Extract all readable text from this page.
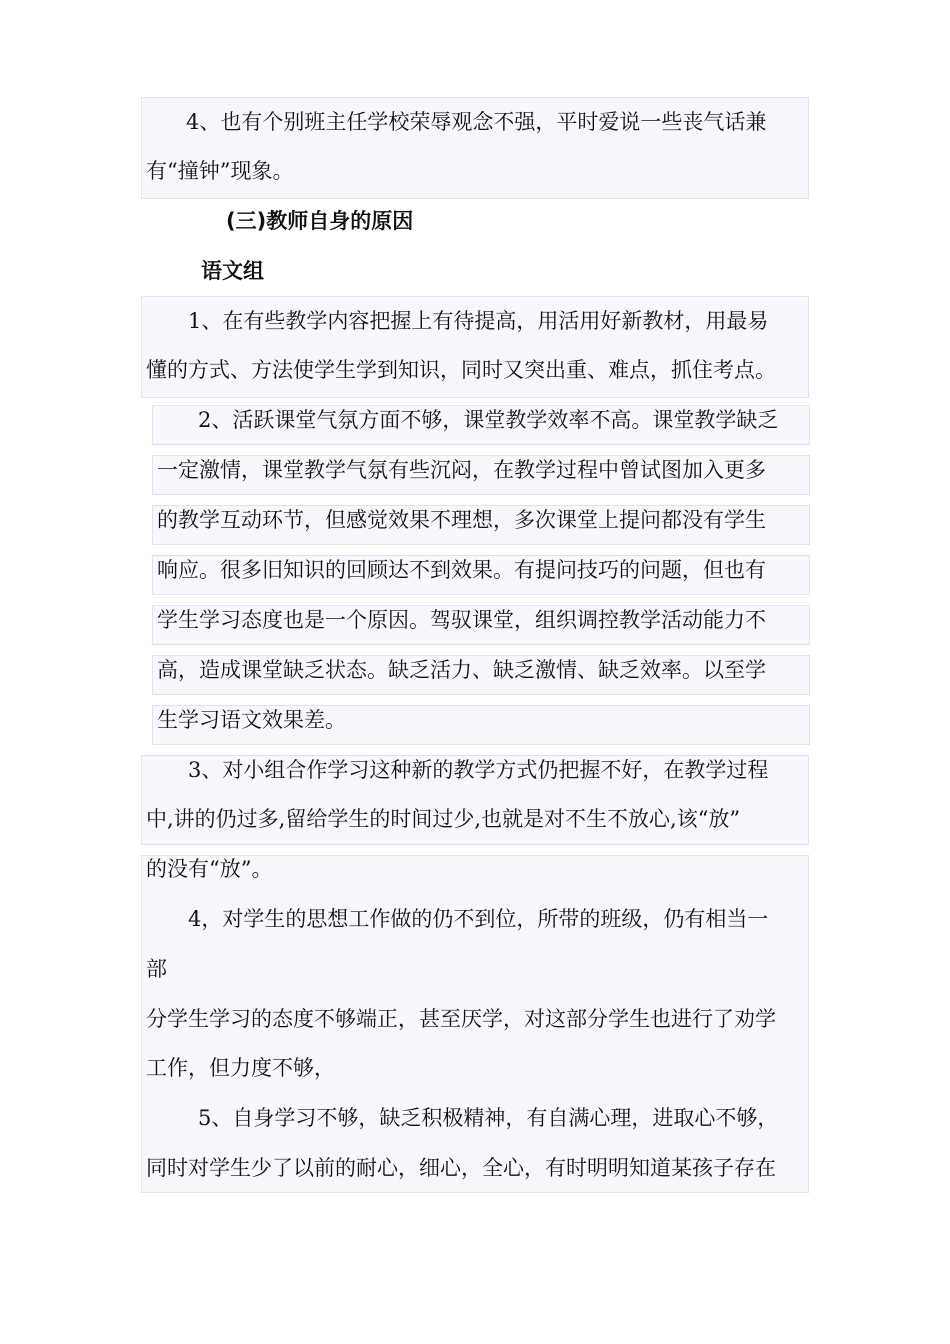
4、也有个别班主任学校荣辱观念不强，平时爱说一些丧气话兼
有“撞钟”现象。
(三)教师自身的原因
语文组
1、在有些教学内容把握上有待提高，用活用好新教材，用最易
懂的方式、方法使学生学到知识，同时又突出重、难点，抓住考点。
2、活跃课堂气氛方面不够，课堂教学效率不高。课堂教学缺乏
一定激情，课堂教学气氛有些沉闷，在教学过程中曾试图加入更多
的教学互动环节，但感觉效果不理想，多次课堂上提问都没有学生
响应。很多旧知识的回顾达不到效果。有提问技巧的问题，但也有
学生学习态度也是一个原因。驾驭课堂，组织调控教学活动能力不
高，造成课堂缺乏状态。缺乏活力、缺乏激情、缺乏效率。以至学
生学习语文效果差。
3、对小组合作学习这种新的教学方式仍把握不好，在教学过程
中,讲的仍过多,留给学生的时间过少,也就是对不生不放心,该“放”
的没有“放”。
4，对学生的思想工作做的仍不到位，所带的班级，仍有相当一
部
分学生学习的态度不够端正，甚至厌学，对这部分学生也进行了劝学
工作，但力度不够，
5、自身学习不够，缺乏积极精神，有自满心理，进取心不够，
同时对学生少了以前的耐心，细心，全心，有时明明知道某孩子存在
